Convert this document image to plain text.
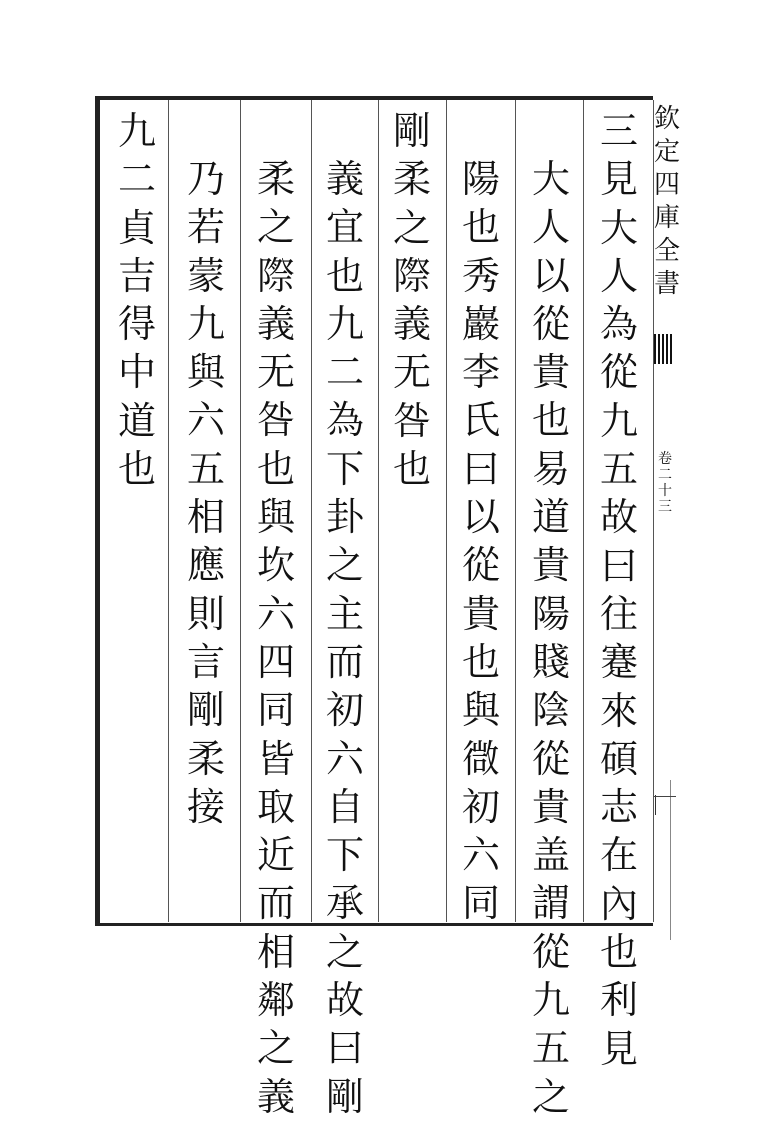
欽
定
四
庫
全
書
卷
二
十
三
三
見
大
人
為
從
九
五
故
曰
往
蹇
來
碩
志
在
內
也
利
見
大
人
以
從
貴
也
易
道
貴
陽
賤
陰
從
貴
盖
謂
從
九
五
之
陽
也
秀
巖
李
氏
曰
以
從
貴
也
與
㣲
初
六
同
剛
柔
之
際
義
无
咎
也
義
宜
也
九
二
為
下
卦
之
主
而
初
六
自
下
承
之
故
曰
剛
柔
之
際
義
无
咎
也
與
坎
六
四
同
皆
取
近
而
相
鄰
之
義
乃
若
蒙
九
與
六
五
相
應
則
言
剛
柔
接
九
二
貞
吉
得
中
道
也
